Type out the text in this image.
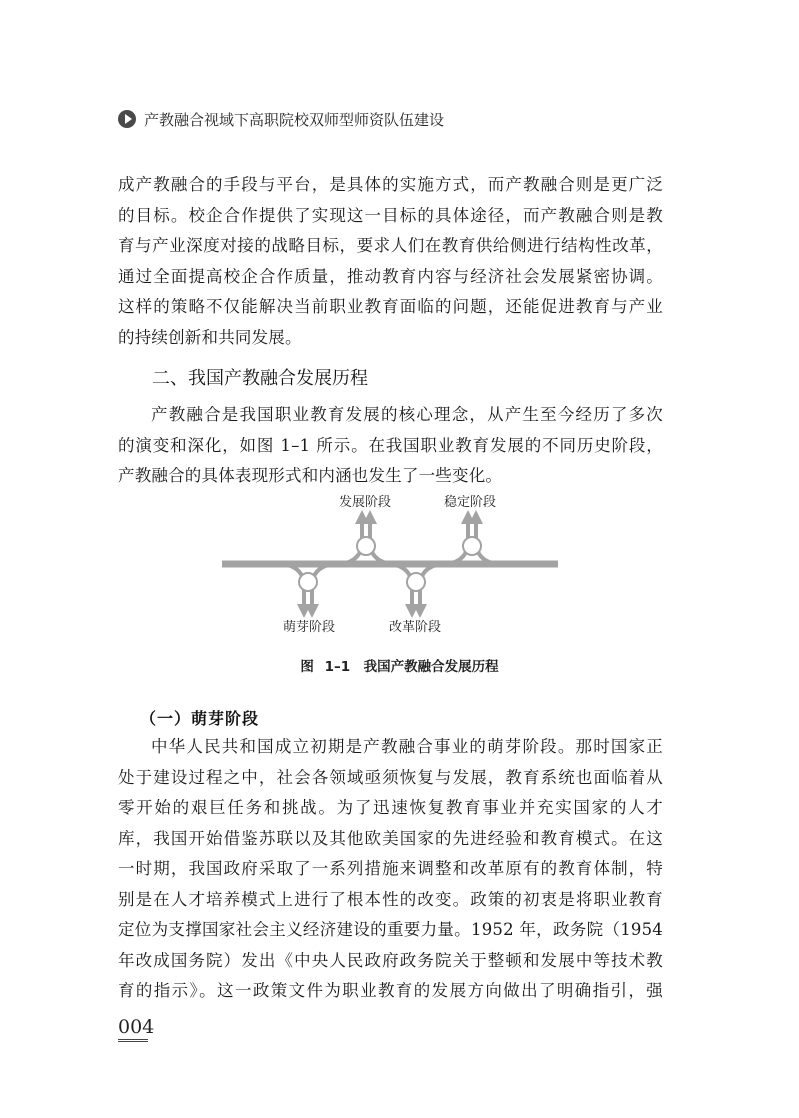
产教融合视域下高职院校双师型师资队伍建设
成产教融合的手段与平台，是具体的实施方式，而产教融合则是更广泛
的目标。校企合作提供了实现这一目标的具体途径，而产教融合则是教
育与产业深度对接的战略目标，要求人们在教育供给侧进行结构性改革，
通过全面提高校企合作质量，推动教育内容与经济社会发展紧密协调。
这样的策略不仅能解决当前职业教育面临的问题，还能促进教育与产业
的持续创新和共同发展。
二、我国产教融合发展历程
产教融合是我国职业教育发展的核心理念，从产生至今经历了多次
的演变和深化，如图 1–1 所示。在我国职业教育发展的不同历史阶段，
产教融合的具体表现形式和内涵也发生了一些变化。
萌芽阶段
发展阶段
改革阶段
稳定阶段
图 1–1　我国产教融合发展历程
（一）萌芽阶段
中华人民共和国成立初期是产教融合事业的萌芽阶段。那时国家正
处于建设过程之中，社会各领域亟须恢复与发展，教育系统也面临着从
零开始的艰巨任务和挑战。为了迅速恢复教育事业并充实国家的人才
库，我国开始借鉴苏联以及其他欧美国家的先进经验和教育模式。在这
一时期，我国政府采取了一系列措施来调整和改革原有的教育体制，特
别是在人才培养模式上进行了根本性的改变。政策的初衷是将职业教育
定位为支撑国家社会主义经济建设的重要力量。1952 年，政务院（1954
年改成国务院）发出《中央人民政府政务院关于整顿和发展中等技术教
育的指示》。这一政策文件为职业教育的发展方向做出了明确指引，强
004
